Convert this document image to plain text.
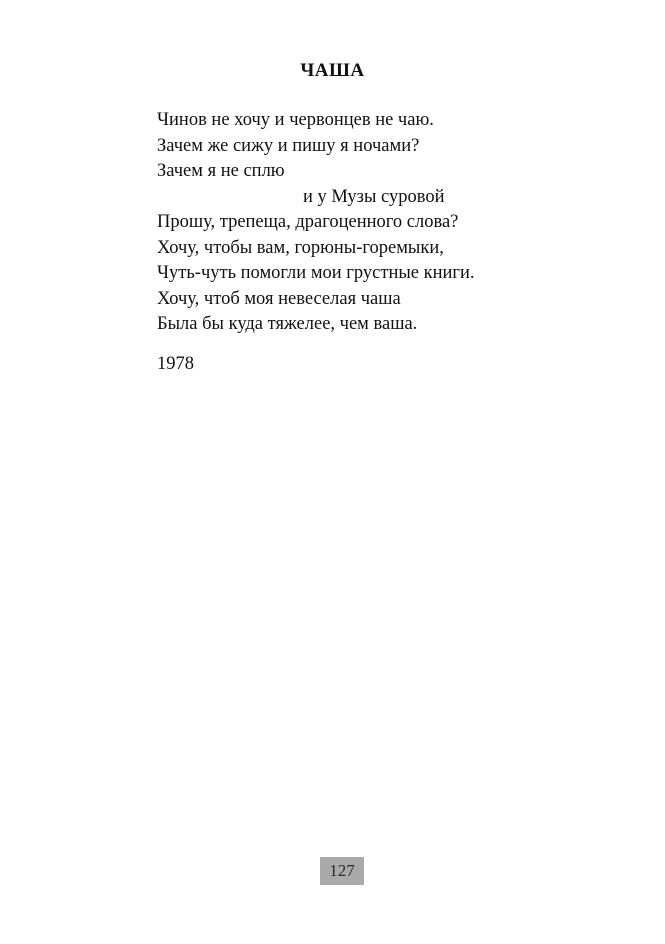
ЧАША
Чинов не хочу и червонцев не чаю.
Зачем же сижу и пишу я ночами?
Зачем я не сплю
и у Музы суровой
Прошу, трепеща, драгоценного слова?
Хочу, чтобы вам, горюны-горемыки,
Чуть-чуть помогли мои грустные книги.
Хочу, чтоб моя невеселая чаша
Была бы куда тяжелее, чем ваша.
1978
127
